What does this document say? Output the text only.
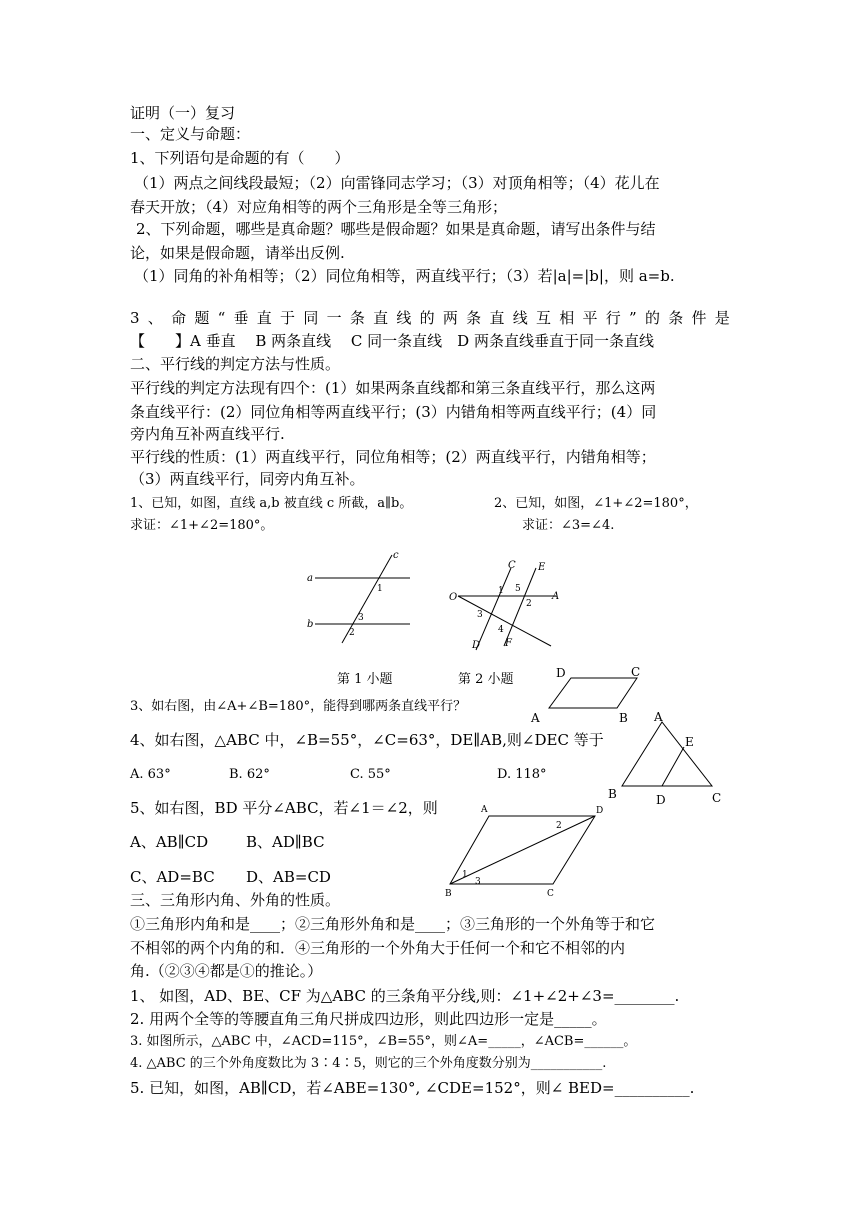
证明（一）复习
一、定义与命题：
1、下列语句是命题的有（　　）
（1）两点之间线段最短；（2）向雷锋同志学习；（3）对顶角相等；（4）花儿在
春天开放；（4）对应角相等的两个三角形是全等三角形；
2、下列命题，哪些是真命题？哪些是假命题？如果是真命题，请写出条件与结
论，如果是假命题，请举出反例.
（1）同角的补角相等；（2）同位角相等，两直线平行；（3）若|a|=|b|，则 a=b.
3 、 命 题 “ 垂 直 于 同 一 条 直 线 的 两 条 直 线 互 相 平 行 ” 的 条 件 是
【　　】A 垂直　 B 两条直线　 C 同一条直线　D 两条直线垂直于同一条直线
二、平行线的判定方法与性质。
平行线的判定方法现有四个：(1）如果两条直线都和第三条直线平行，那么这两
条直线平行：(2）同位角相等两直线平行；(3）内错角相等两直线平行；(4）同
旁内角互补两直线平行.
平行线的性质：(1）两直线平行，同位角相等；(2）两直线平行，内错角相等；
（3）两直线平行，同旁内角互补。
1、已知，如图，直线 a,b 被直线 c 所截，a∥b。	2、已知，如图，∠1+∠2=180°，
求证：∠1+∠2=180°。	求证：∠3=∠4.
a
b
c
1
2
3
O	A
C E
D F
1
2
3
4
5
第 1 小题	第 2 小题	D	C
A	B
3、如右图，由∠A+∠B=180°，能得到哪两条直线平行？
4、如右图，△ABC 中，∠B=55°，∠C=63°，DE∥AB,则∠DEC 等于
A
E
B	D	C
A. 63°	B. 62°	C. 55°	D. 118°
5、如右图，BD 平分∠ABC，若∠1＝∠2，则	A	D
B	C
1
2
3
A、AB∥CD	B、AD∥BC
C、AD=BC D、AB=CD
三、三角形内角、外角的性质。
①三角形内角和是____；②三角形外角和是____；③三角形的一个外角等于和它
不相邻的两个内角的和．④三角形的一个外角大于任何一个和它不相邻的内
角.（②③④都是①的推论。）
1、 如图，AD、BE、CF 为△ABC 的三条角平分线,则：∠1+∠2+∠3=________.
2. 用两个全等的等腰直角三角尺拼成四边形，则此四边形一定是_____。
3. 如图所示，△ABC 中，∠ACD=115°，∠B=55°，则∠A=_____，∠ACB=______。
4. △ABC 的三个外角度数比为 3∶4∶5，则它的三个外角度数分别为___________.
5. 已知，如图，AB∥CD，若∠ABE=130°, ∠CDE=152°，则∠ BED=__________.
